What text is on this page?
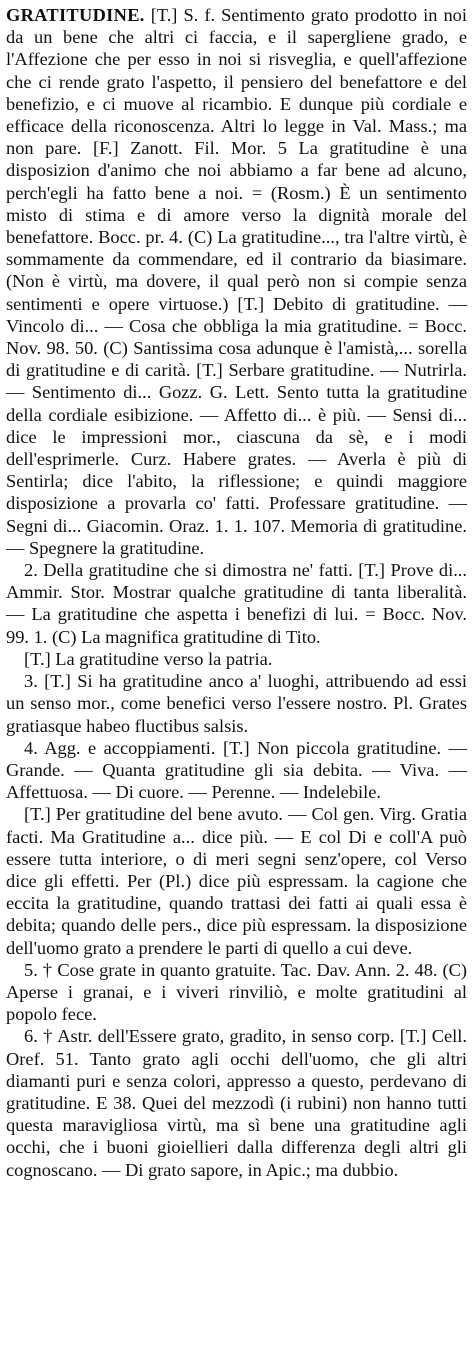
GRATITUDINE. [T.] S. f. Sentimento grato prodotto in noi da un bene che altri ci faccia, e il sapergliene grado, e l'Affezione che per esso in noi si risveglia, e quell'affezione che ci rende grato l'aspetto, il pensiero del benefattore e del benefizio, e ci muove al ricambio. E dunque più cordiale e efficace della riconoscenza. Altri lo legge in Val. Mass.; ma non pare. [F.] Zanott. Fil. Mor. 5 La gratitudine è una disposizion d'animo che noi abbiamo a far bene ad alcuno, perch'egli ha fatto bene a noi. = (Rosm.) È un sentimento misto di stima e di amore verso la dignità morale del benefattore. Bocc. pr. 4. (C) La gratitudine..., tra l'altre virtù, è sommamente da commendare, ed il contrario da biasimare. (Non è virtù, ma dovere, il qual però non si compie senza sentimenti e opere virtuose.) [T.] Debito di gratitudine. — Vincolo di... — Cosa che obbliga la mia gratitudine. = Bocc. Nov. 98. 50. (C) Santissima cosa adunque è l'amistà,... sorella di gratitudine e di carità. [T.] Serbare gratitudine. — Nutrirla. — Sentimento di... Gozz. G. Lett. Sento tutta la gratitudine della cordiale esibizione. — Affetto di... è più. — Sensi di... dice le impressioni mor., ciascuna da sè, e i modi dell'esprimerle. Curz. Habere grates. — Averla è più di Sentirla; dice l'abito, la riflessione; e quindi maggiore disposizione a provarla co' fatti. Professare gratitudine. — Segni di... Giacomin. Oraz. 1. 1. 107. Memoria di gratitudine. — Spegnere la gratitudine.

2. Della gratitudine che si dimostra ne' fatti. [T.] Prove di... Ammir. Stor. Mostrar qualche gratitudine di tanta liberalità. — La gratitudine che aspetta i benefizi di lui. = Bocc. Nov. 99. 1. (C) La magnifica gratitudine di Tito.

[T.] La gratitudine verso la patria.

3. [T.] Si ha gratitudine anco a' luoghi, attribuendo ad essi un senso mor., come benefici verso l'essere nostro. Pl. Grates gratiasque habeo fluctibus salsis.

4. Agg. e accoppiamenti. [T.] Non piccola gratitudine. — Grande. — Quanta gratitudine gli sia debita. — Viva. — Affettuosa. — Di cuore. — Perenne. — Indelebile.

[T.] Per gratitudine del bene avuto. — Col gen. Virg. Gratia facti. Ma Gratitudine a... dice più. — E col Di e coll'A può essere tutta interiore, o di meri segni senz'opere, col Verso dice gli effetti. Per (Pl.) dice più espressam. la cagione che eccita la gratitudine, quando trattasi dei fatti ai quali essa è debita; quando delle pers., dice più espressam. la disposizione dell'uomo grato a prendere le parti di quello a cui deve.

5. † Cose grate in quanto gratuite. Tac. Dav. Ann. 2. 48. (C) Aperse i granai, e i viveri rinviliò, e molte gratitudini al popolo fece.

6. † Astr. dell'Essere grato, gradito, in senso corp. [T.] Cell. Oref. 51. Tanto grato agli occhi dell'uomo, che gli altri diamanti puri e senza colori, appresso a questo, perdevano di gratitudine. E 38. Quei del mezzodì (i rubini) non hanno tutti questa maravigliosa virtù, ma sì bene una gratitudine agli occhi, che i buoni gioiellieri dalla differenza degli altri gli cognoscano. — Di grato sapore, in Apic.; ma dubbio.
